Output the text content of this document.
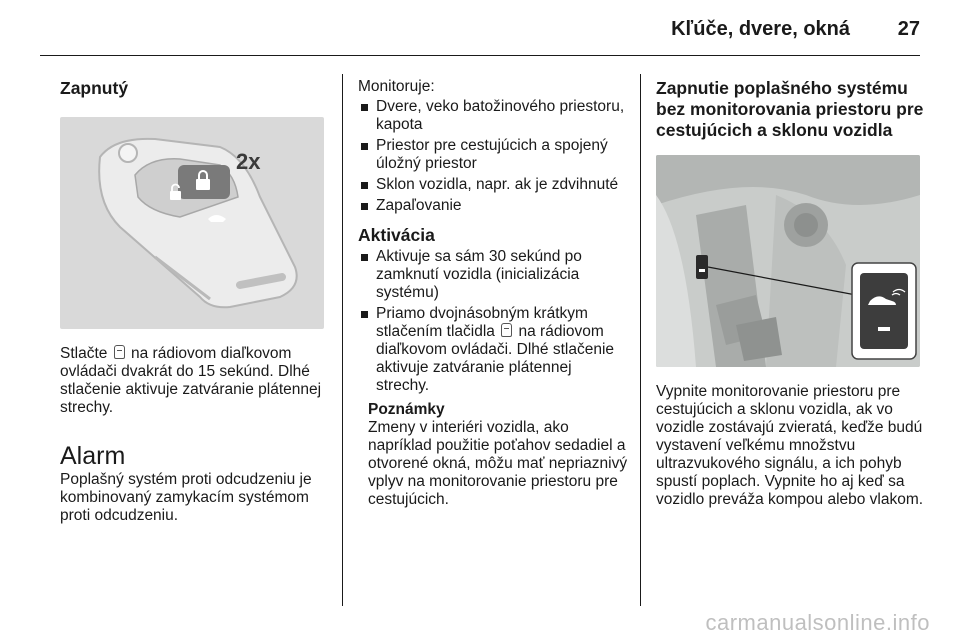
Kľúče, dvere, okná 27
Zapnutý
2x

Stlačte  na rádiovom diaľkovom ovládači dvakrát do 15 sekúnd. Dlhé stlačenie aktivuje zatváranie plátennej strechy.

Alarm

Poplašný systém proti odcudzeniu je kombinovaný zamykacím systémom proti odcudzeniu.

Monitoruje:

Dvere, veko batožinového priestoru, kapota
Priestor pre cestujúcich a spojený úložný priestor
Sklon vozidla, napr. ak je zdvihnuté
Zapaľovanie
Aktivácia
Aktivuje sa sám 30 sekúnd po zamknutí vozidla (inicializácia systému)
Priamo dvojnásobným krátkym stlačením tlačidla  na rádiovom diaľkovom ovládači. Dlhé stlačenie aktivuje zatváranie plátennej strechy.
Poznámky
Zmeny v interiéri vozidla, ako napríklad použitie poťahov sedadiel a otvorené okná, môžu mať nepriaznivý vplyv na monitorovanie priestoru pre cestujúcich.
Zapnutie poplašného systému bez monitorovania priestoru pre cestujúcich a sklonu vozidla

Vypnite monitorovanie priestoru pre cestujúcich a sklonu vozidla, ak vo vozidle zostávajú zvieratá, keďže budú vystavení veľkému množstvu ultrazvukového signálu, a ich pohyb spustí poplach. Vypnite ho aj keď sa vozidlo preváža kompou alebo vlakom.

carmanualsonline.info
